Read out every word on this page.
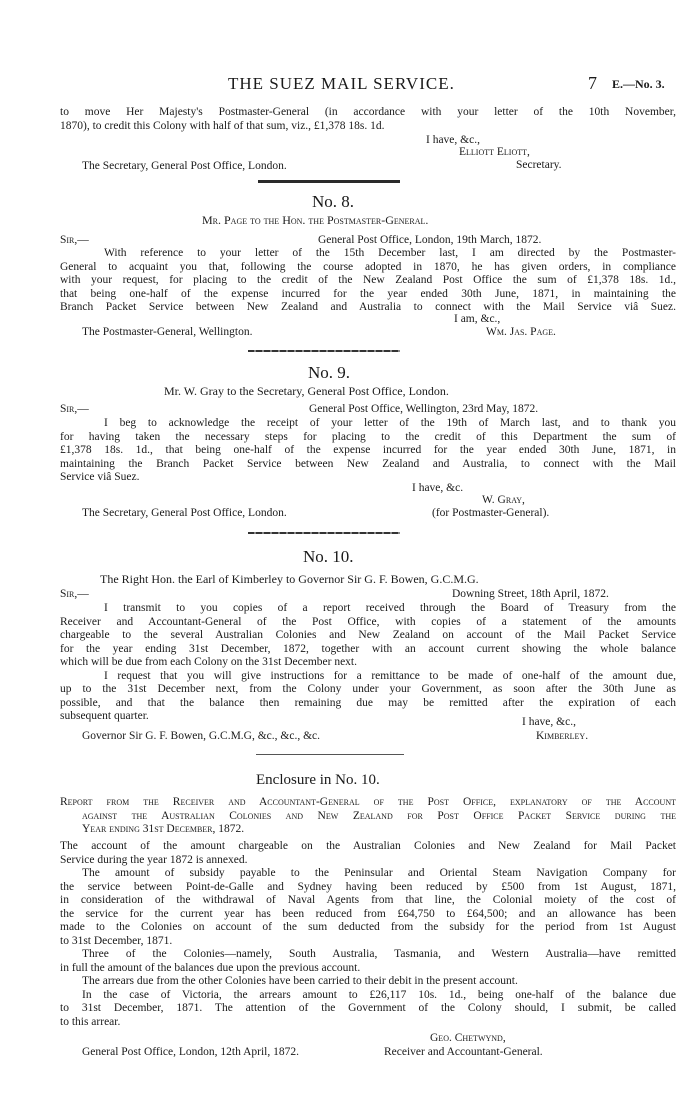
THE SUEZ MAIL SERVICE.	7 E.—No. 3.
to move Her Majesty's Postmaster-General (in accordance with your letter of the 10th November,
1870), to credit this Colony with half of that sum, viz., £1,378 18s. 1d.
I have, &c.,
Elliott Eliott,
The Secretary, General Post Office, London.	Secretary.
No. 8.
Mr. Page to the Hon. the Postmaster-General.
Sir,—	General Post Office, London, 19th March, 1872.
With reference to your letter of the 15th December last, I am directed by the Postmaster-
General to acquaint you that, following the course adopted in 1870, he has given orders, in compliance
with your request, for placing to the credit of the New Zealand Post Office the sum of £1,378 18s. 1d.,
that being one-half of the expense incurred for the year ended 30th June, 1871, in maintaining the
Branch Packet Service between New Zealand and Australia to connect with the Mail Service viâ Suez.
I am, &c.,
The Postmaster-General, Wellington.	Wm. Jas. Page.
No. 9.
Mr. W. Gray to the Secretary, General Post Office, London.
Sir,—	General Post Office, Wellington, 23rd May, 1872.
I beg to acknowledge the receipt of your letter of the 19th of March last, and to thank you
for having taken the necessary steps for placing to the credit of this Department the sum of
£1,378 18s. 1d., that being one-half of the expense incurred for the year ended 30th June, 1871, in
maintaining the Branch Packet Service between New Zealand and Australia, to connect with the Mail
Service viâ Suez.
I have, &c.
W. Gray,
The Secretary, General Post Office, London.	(for Postmaster-General).
No. 10.
The Right Hon. the Earl of Kimberley to Governor Sir G. F. Bowen, G.C.M.G.
Sir,—	Downing Street, 18th April, 1872.
I transmit to you copies of a report received through the Board of Treasury from the
Receiver and Accountant-General of the Post Office, with copies of a statement of the amounts
chargeable to the several Australian Colonies and New Zealand on account of the Mail Packet Service
for the year ending 31st December, 1872, together with an account current showing the whole balance
which will be due from each Colony on the 31st December next.
I request that you will give instructions for a remittance to be made of one-half of the amount due,
up to the 31st December next, from the Colony under your Government, as soon after the 30th June as
possible, and that the balance then remaining due may be remitted after the expiration of each
subsequent quarter.	I have, &c.,
Governor Sir G. F. Bowen, G.C.M.G, &c., &c., &c.	Kimberley.
Enclosure in No. 10.
Report from the Receiver and Accountant-General of the Post Office, explanatory of the Account
against the Australian Colonies and New Zealand for Post Office Packet Service during the
Year ending 31st December, 1872.
The account of the amount chargeable on the Australian Colonies and New Zealand for Mail Packet
Service during the year 1872 is annexed.
The amount of subsidy payable to the Peninsular and Oriental Steam Navigation Company for
the service between Point-de-Galle and Sydney having been reduced by £500 from 1st August, 1871,
in consideration of the withdrawal of Naval Agents from that line, the Colonial moiety of the cost of
the service for the current year has been reduced from £64,750 to £64,500; and an allowance has been
made to the Colonies on account of the sum deducted from the subsidy for the period from 1st August
to 31st December, 1871.
Three of the Colonies—namely, South Australia, Tasmania, and Western Australia—have remitted
in full the amount of the balances due upon the previous account.
The arrears due from the other Colonies have been carried to their debit in the present account.
In the case of Victoria, the arrears amount to £26,117 10s. 1d., being one-half of the balance due
to 31st December, 1871. The attention of the Government of the Colony should, I submit, be called
to this arrear.
Geo. Chetwynd,
General Post Office, London, 12th April, 1872.	Receiver and Accountant-General.
